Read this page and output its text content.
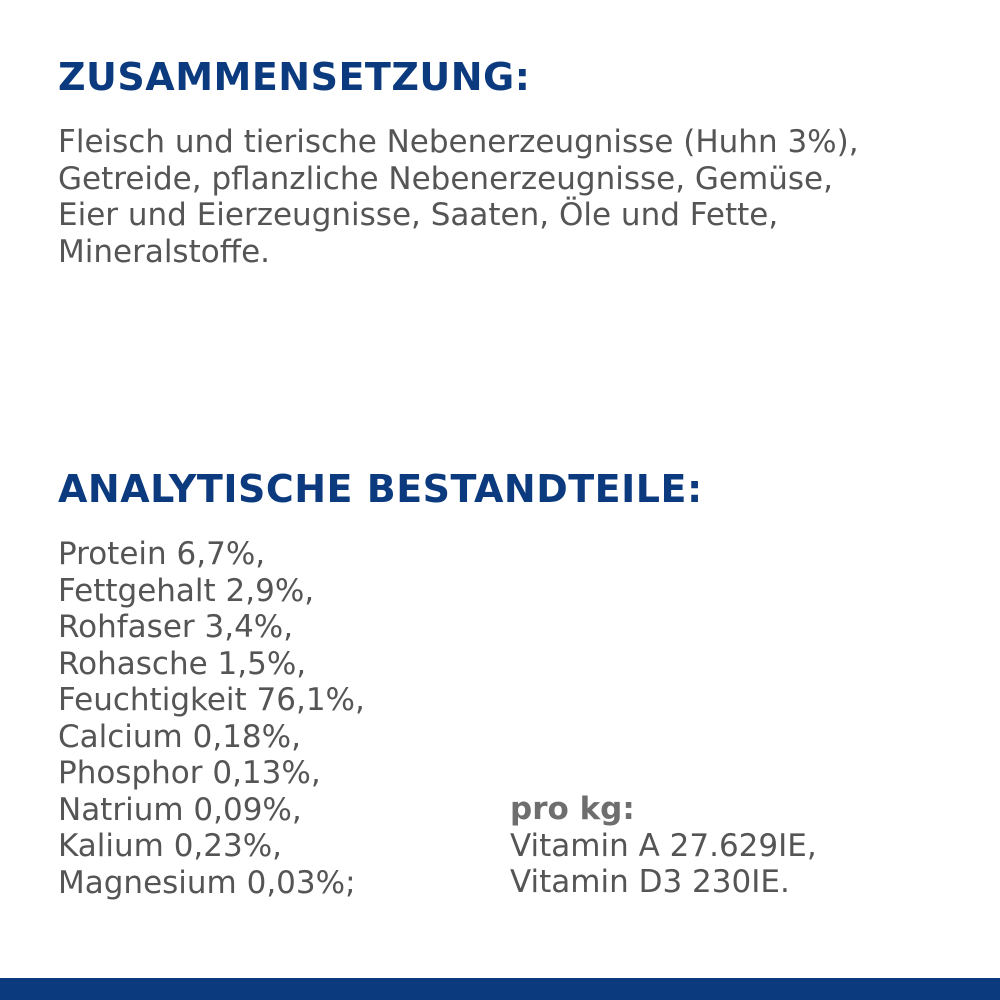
ZUSAMMENSETZUNG:

Fleisch und tierische Nebenerzeugnisse (Huhn 3%),
Getreide, pflanzliche Nebenerzeugnisse, Gemüse,
Eier und Eierzeugnisse, Saaten, Öle und Fette,
Mineralstoffe.

ANALYTISCHE BESTANDTEILE:
Protein 6,7%,
Fettgehalt 2,9%,
Rohfaser 3,4%,
Rohasche 1,5%,
Feuchtigkeit 76,1%,
Calcium 0,18%,
Phosphor 0,13%,
Natrium 0,09%,
Kalium 0,23%,
Magnesium 0,03%;
pro kg:
Vitamin A 27.629IE,
Vitamin D3 230IE.
